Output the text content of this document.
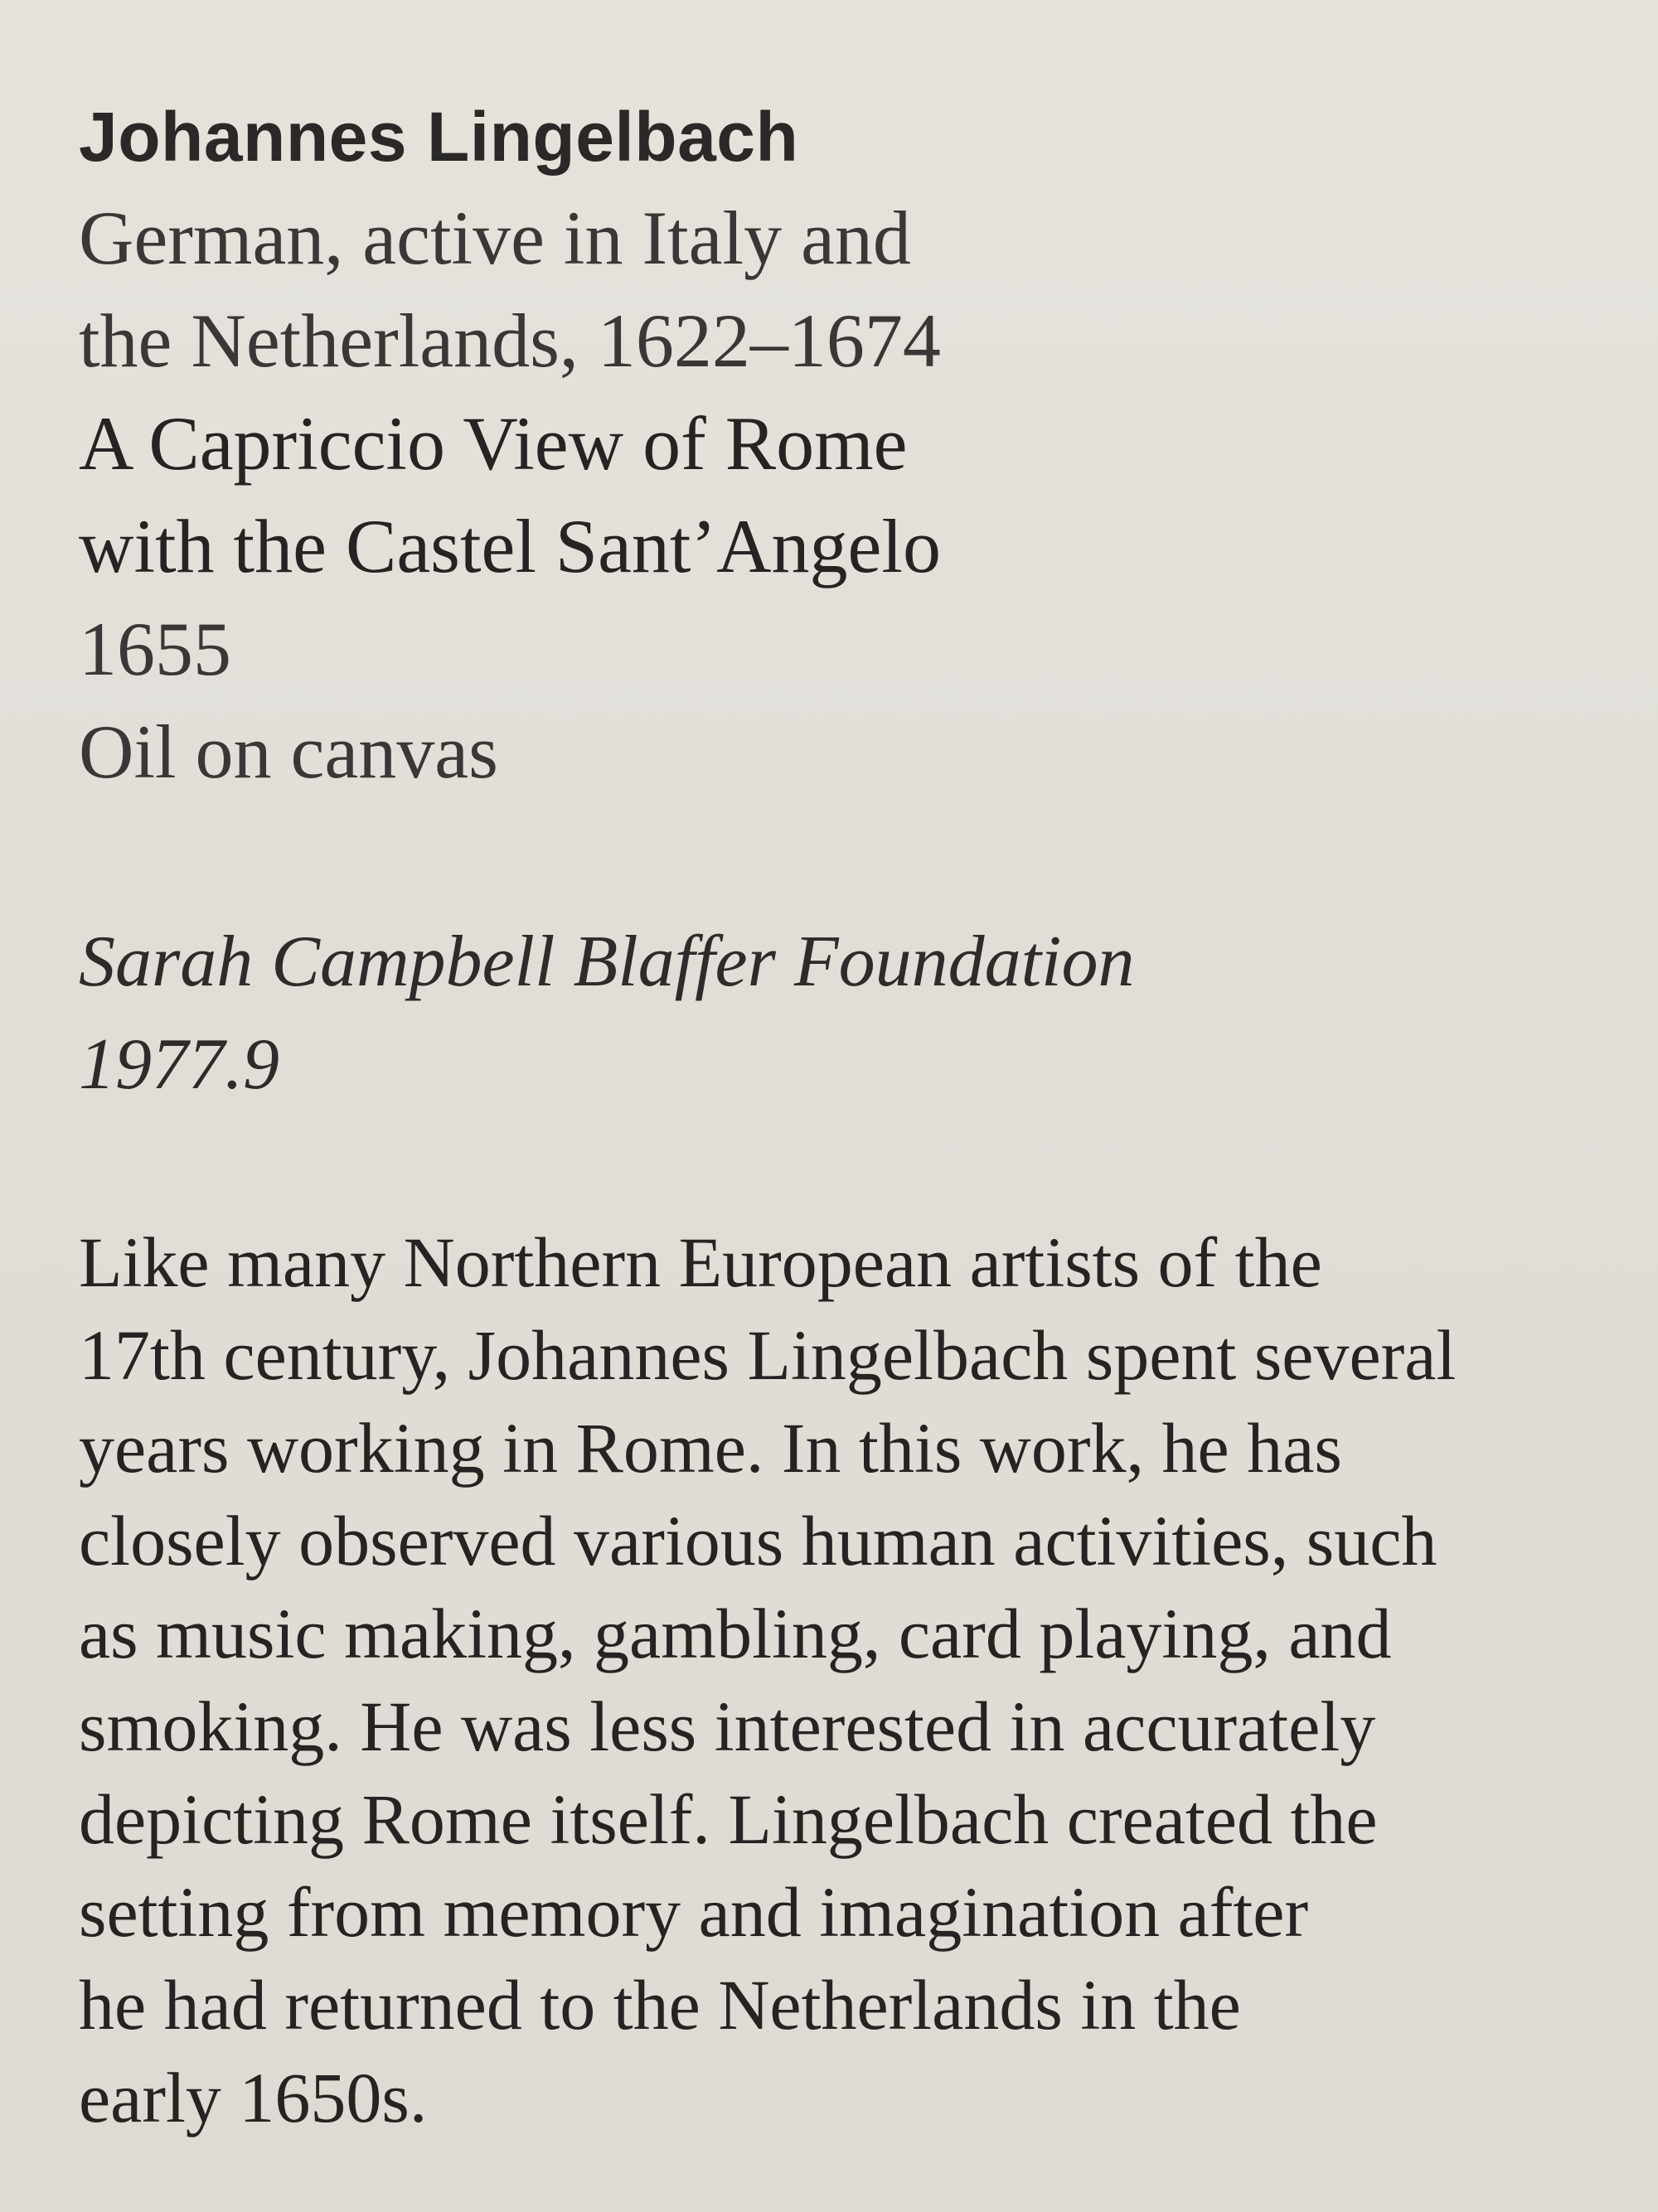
Johannes Lingelbach

German, active in Italy and

the Netherlands, 1622–1674

A Capriccio View of Rome

with the Castel Sant’Angelo

1655

Oil on canvas

Sarah Campbell Blaffer Foundation

1977.9

Like many Northern European artists of the

17th century, Johannes Lingelbach spent several

years working in Rome. In this work, he has

closely observed various human activities, such

as music making, gambling, card playing, and

smoking. He was less interested in accurately

depicting Rome itself. Lingelbach created the

setting from memory and imagination after

he had returned to the Netherlands in the

early 1650s.
